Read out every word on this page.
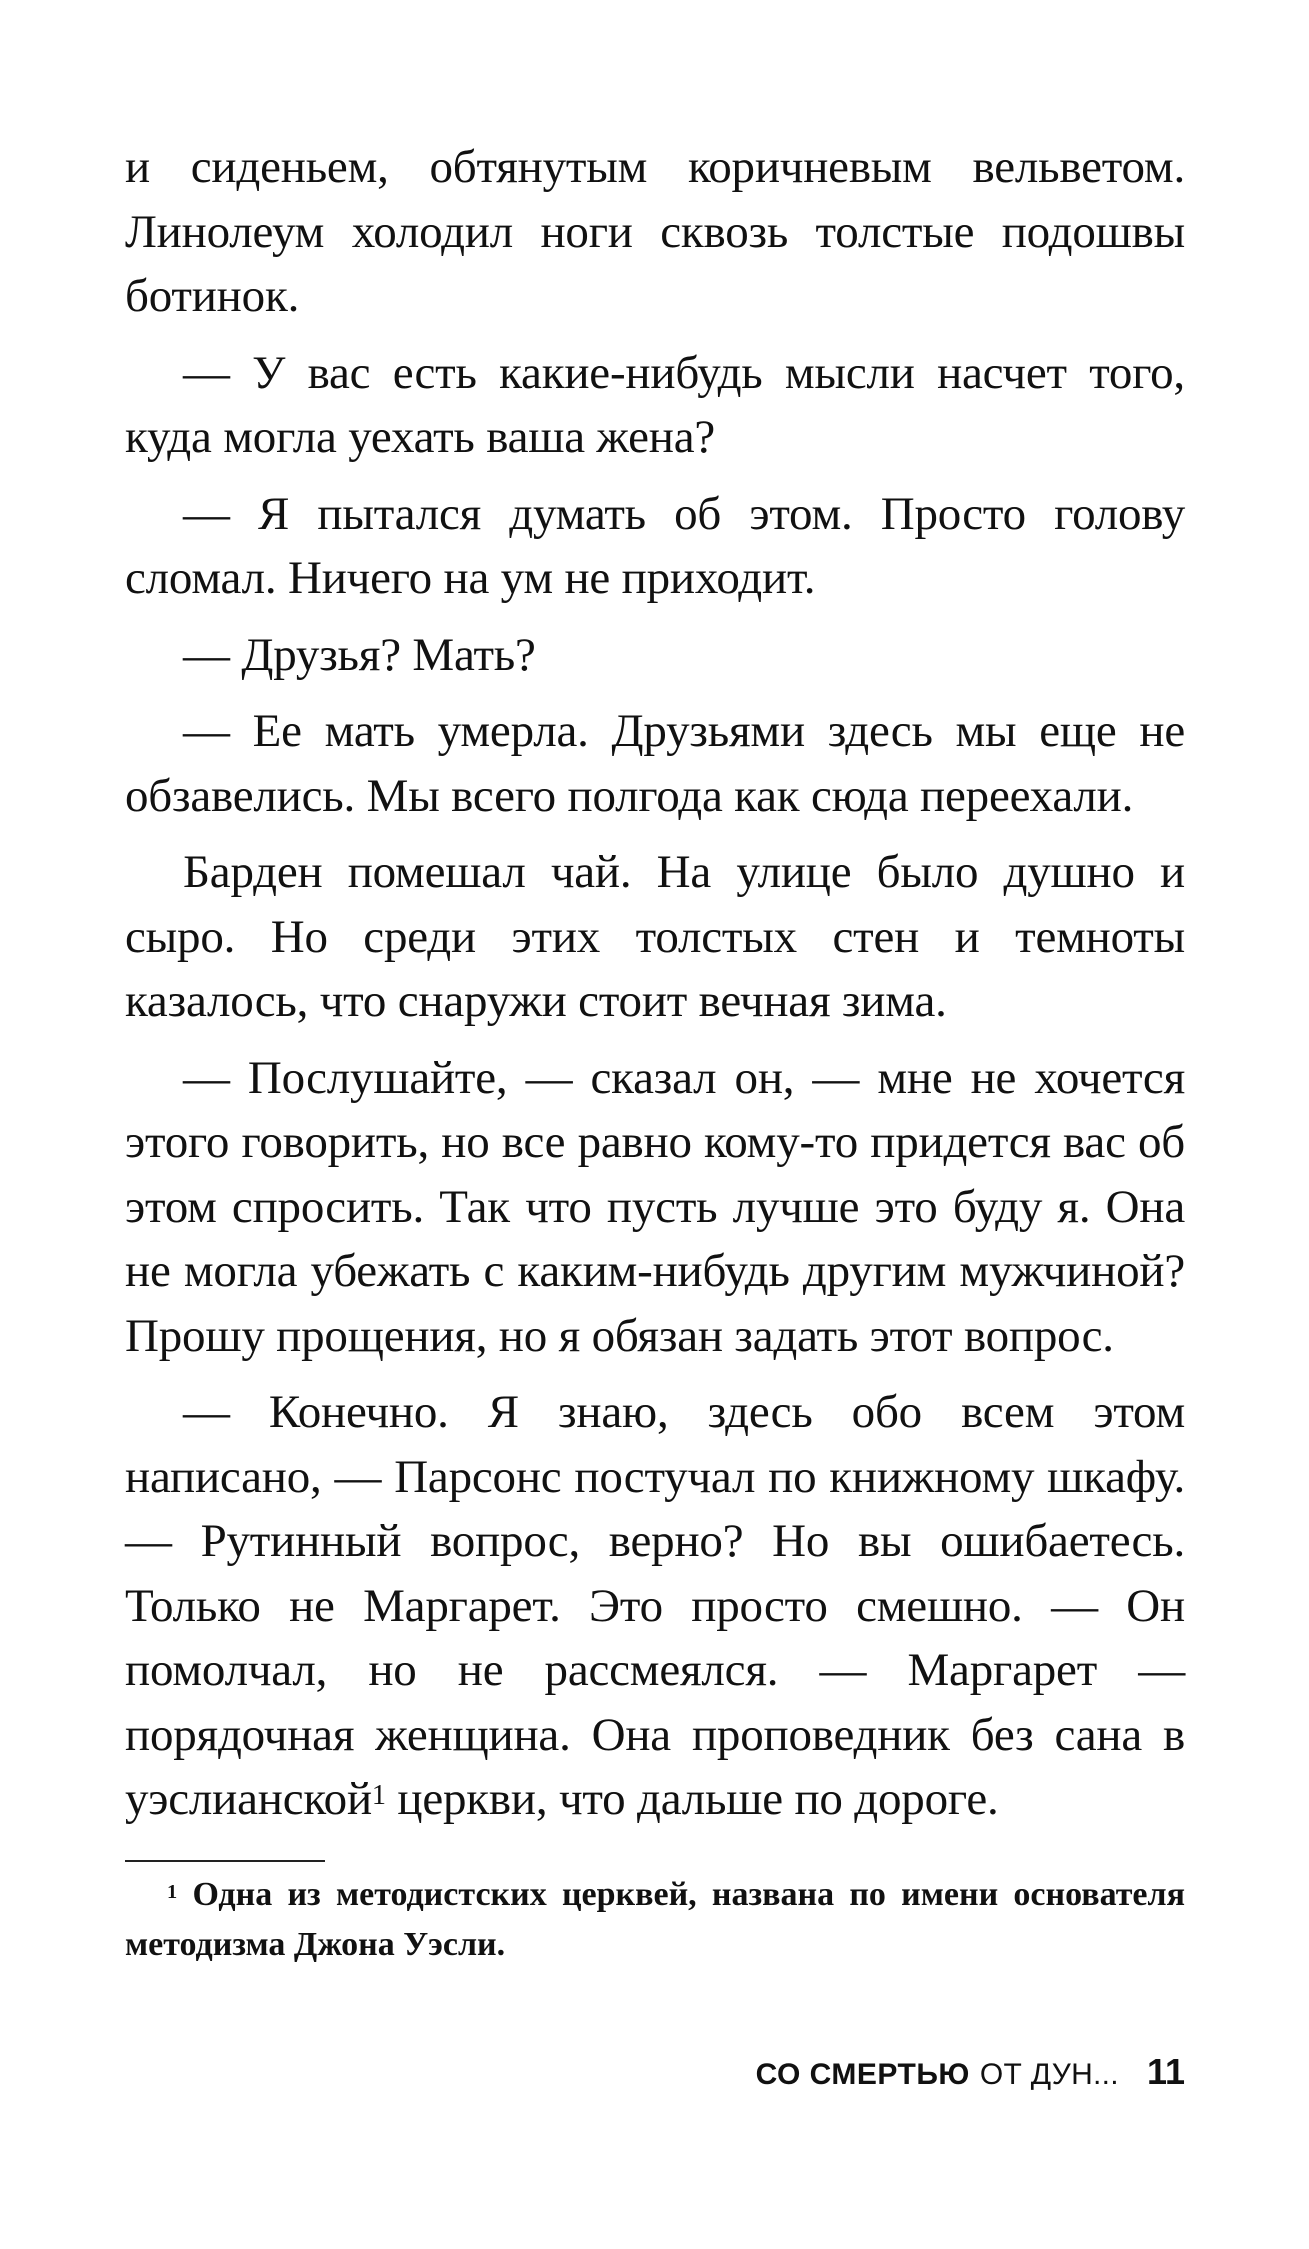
и сиденьем, обтянутым коричневым вельветом. Линолеум холодил ноги сквозь толстые подошвы ботинок.

— У вас есть какие-нибудь мысли насчет того, куда могла уехать ваша жена?

— Я пытался думать об этом. Просто голову сломал. Ничего на ум не приходит.

— Друзья? Мать?

— Ее мать умерла. Друзьями здесь мы еще не обзавелись. Мы всего полгода как сюда переехали.

Барден помешал чай. На улице было душно и сыро. Но среди этих толстых стен и темноты казалось, что снаружи стоит вечная зима.

— Послушайте, — сказал он, — мне не хочется этого говорить, но все равно кому-то придется вас об этом спросить. Так что пусть лучше это буду я. Она не могла убежать с каким-нибудь другим мужчиной? Прошу прощения, но я обязан задать этот вопрос.

— Конечно. Я знаю, здесь обо всем этом написано, — Парсонс постучал по книжному шкафу. — Рутинный вопрос, верно? Но вы ошибаетесь. Только не Маргарет. Это просто смешно. — Он помолчал, но не рассмеялся. — Маргарет — порядочная женщина. Она проповедник без сана в уэслианской$^1$ церкви, что дальше по дороге.

$^1$ Одна из методистских церквей, названа по имени основателя методизма Джона Уэсли.
СО СМЕРТЬЮ ОТ ДУН... 11
